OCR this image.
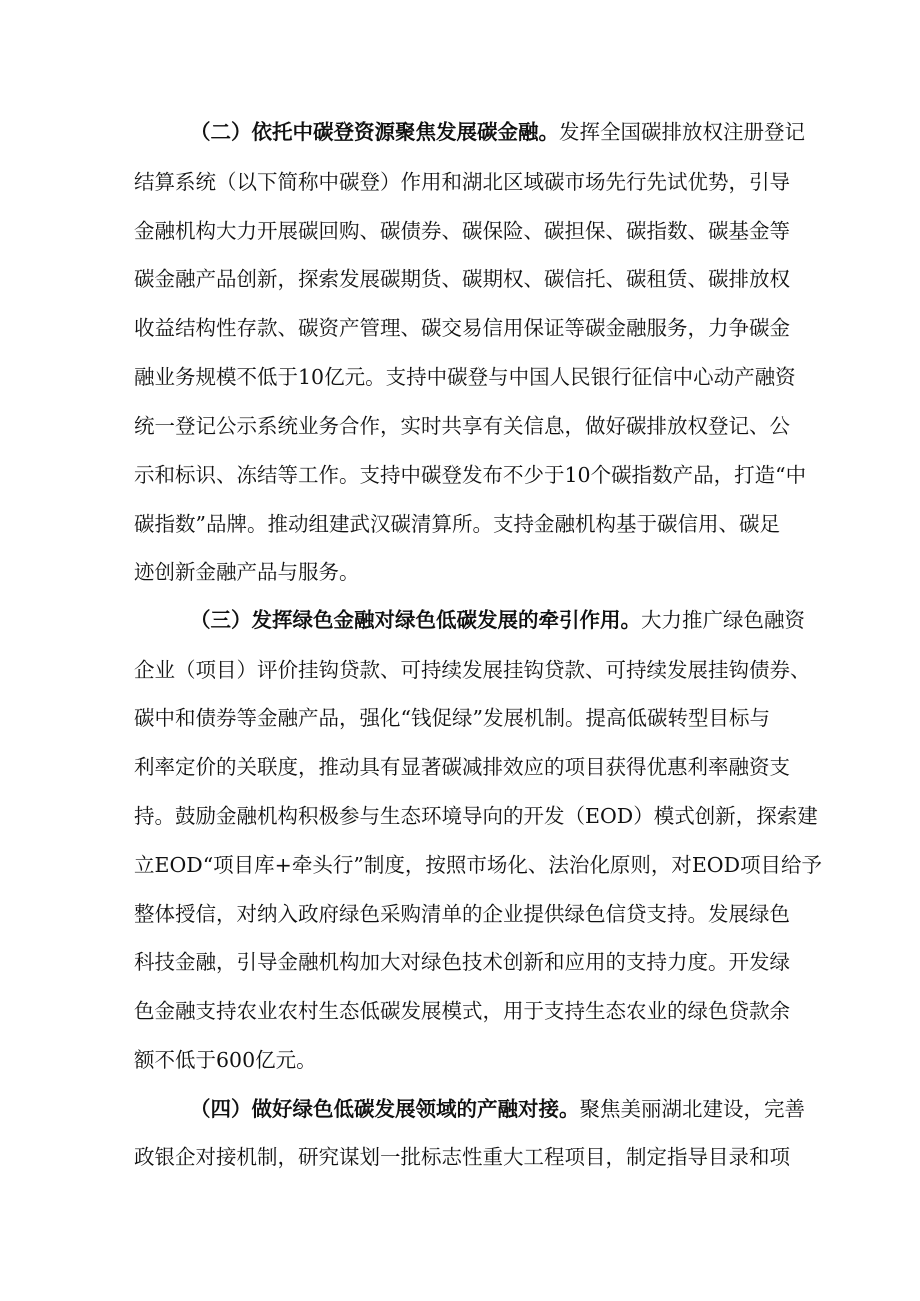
（二）依托中碳登资源聚焦发展碳金融。发挥全国碳排放权注册登记
结算系统（以下简称中碳登）作用和湖北区域碳市场先行先试优势，引导
金融机构大力开展碳回购、碳债券、碳保险、碳担保、碳指数、碳基金等
碳金融产品创新，探索发展碳期货、碳期权、碳信托、碳租赁、碳排放权
收益结构性存款、碳资产管理、碳交易信用保证等碳金融服务，力争碳金
融业务规模不低于10亿元。支持中碳登与中国人民银行征信中心动产融资
统一登记公示系统业务合作，实时共享有关信息，做好碳排放权登记、公
示和标识、冻结等工作。支持中碳登发布不少于10个碳指数产品，打造“中
碳指数”品牌。推动组建武汉碳清算所。支持金融机构基于碳信用、碳足
迹创新金融产品与服务。
（三）发挥绿色金融对绿色低碳发展的牵引作用。大力推广绿色融资
企业（项目）评价挂钩贷款、可持续发展挂钩贷款、可持续发展挂钩债券、
碳中和债券等金融产品，强化“钱促绿”发展机制。提高低碳转型目标与
利率定价的关联度，推动具有显著碳减排效应的项目获得优惠利率融资支
持。鼓励金融机构积极参与生态环境导向的开发（EOD）模式创新，探索建
立EOD“项目库+牵头行”制度，按照市场化、法治化原则，对EOD项目给予
整体授信，对纳入政府绿色采购清单的企业提供绿色信贷支持。发展绿色
科技金融，引导金融机构加大对绿色技术创新和应用的支持力度。开发绿
色金融支持农业农村生态低碳发展模式，用于支持生态农业的绿色贷款余
额不低于600亿元。
（四）做好绿色低碳发展领域的产融对接。聚焦美丽湖北建设，完善
政银企对接机制，研究谋划一批标志性重大工程项目，制定指导目录和项
